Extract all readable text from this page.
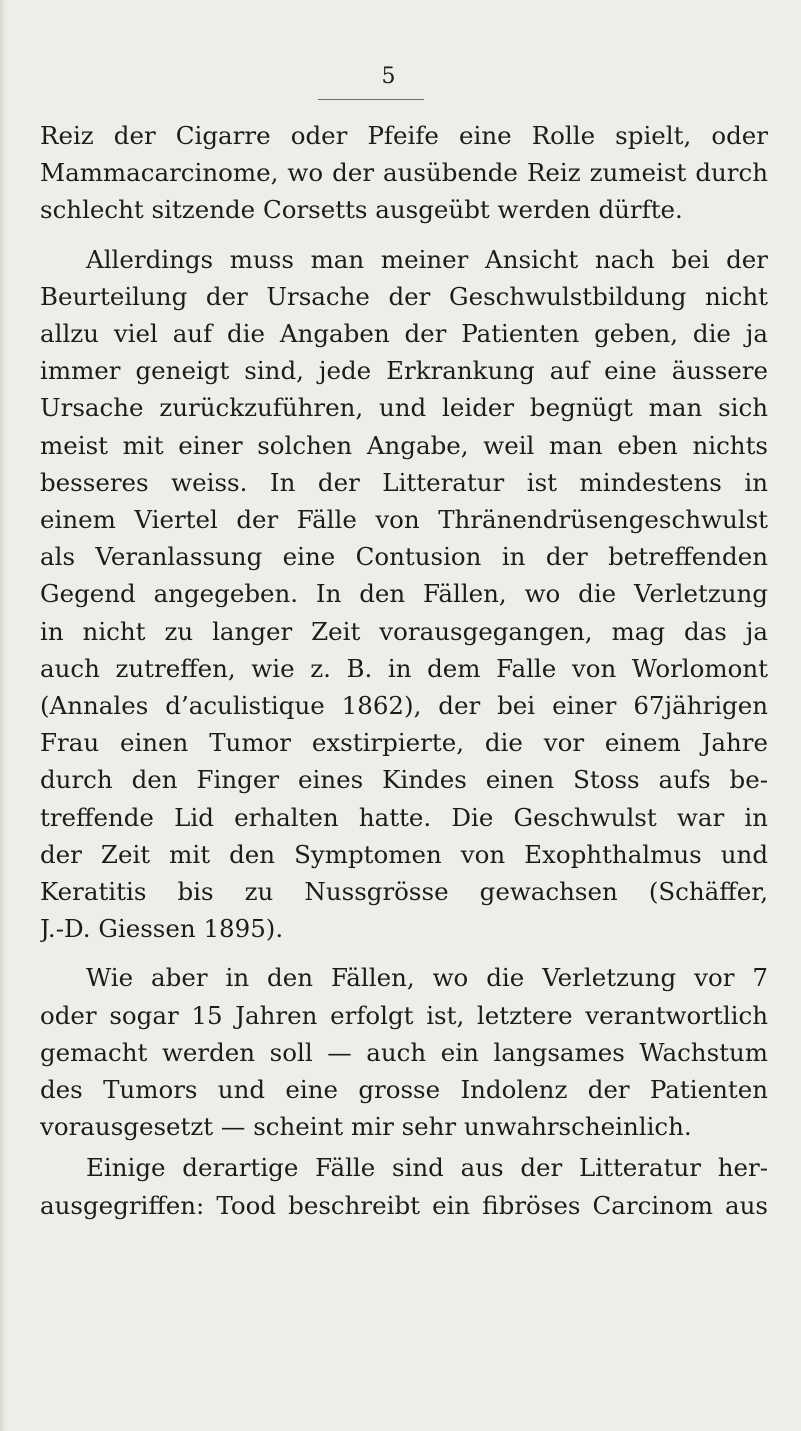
5

Reiz der Cigarre oder Pfeife eine Rolle spielt, oder
Mammacarcinome, wo der ausübende Reiz zumeist durch
schlecht sitzende Corsetts ausgeübt werden dürfte.

Allerdings muss man meiner Ansicht nach bei der
Beurteilung der Ursache der Geschwulstbildung nicht
allzu viel auf die Angaben der Patienten geben, die ja
immer geneigt sind, jede Erkrankung auf eine äussere
Ursache zurückzuführen, und leider begnügt man sich
meist mit einer solchen Angabe, weil man eben nichts
besseres weiss. In der Litteratur ist mindestens in
einem Viertel der Fälle von Thränendrüsengeschwulst
als Veranlassung eine Contusion in der betreffenden
Gegend angegeben. In den Fällen, wo die Verletzung
in nicht zu langer Zeit vorausgegangen, mag das ja
auch zutreffen, wie z. B. in dem Falle von Worlomont
(Annales d’aculistique 1862), der bei einer 67jährigen
Frau einen Tumor exstirpierte, die vor einem Jahre
durch den Finger eines Kindes einen Stoss aufs be-
treffende Lid erhalten hatte. Die Geschwulst war in
der Zeit mit den Symptomen von Exophthalmus und
Keratitis bis zu Nussgrösse gewachsen (Schäffer,
J.-D. Giessen 1895).

Wie aber in den Fällen, wo die Verletzung vor 7
oder sogar 15 Jahren erfolgt ist, letztere verantwortlich
gemacht werden soll — auch ein langsames Wachstum
des Tumors und eine grosse Indolenz der Patienten
vorausgesetzt — scheint mir sehr unwahrscheinlich.

Einige derartige Fälle sind aus der Litteratur her-
ausgegriffen: Tood beschreibt ein fibröses Carcinom aus
